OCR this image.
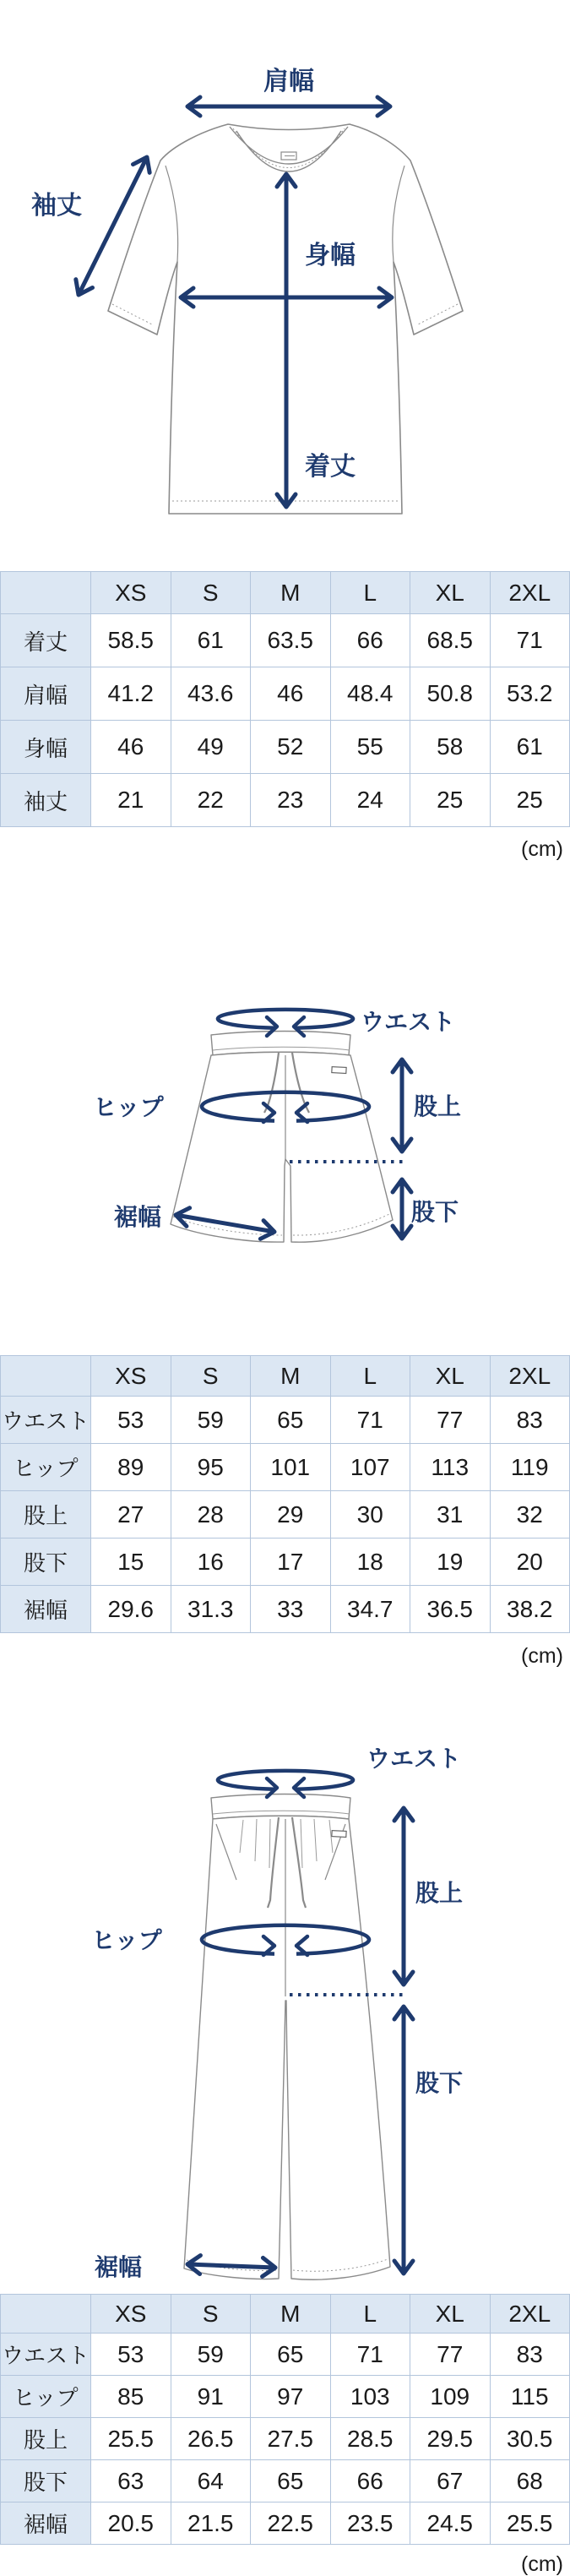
肩幅
袖丈
身幅
着丈
	XS	S	M	L	XL	2XL
着丈	58.5	61	63.5	66	68.5	71
肩幅	41.2	43.6	46	48.4	50.8	53.2
身幅	46	49	52	55	58	61
袖丈	21	22	23	24	25	25
(cm)
ウエスト
ヒップ	股上
股下
裾幅
	XS	S	M	L	XL	2XL
ウエスト	53	59	65	71	77	83
ヒップ	89	95	101	107	113	119
股上	27	28	29	30	31	32
股下	15	16	17	18	19	20
裾幅	29.6	31.3	33	34.7	36.5	38.2
(cm)
ウエスト
ヒップ
股上
股下
裾幅
	XS	S	M	L	XL	2XL
ウエスト	53	59	65	71	77	83
ヒップ	85	91	97	103	109	115
股上	25.5	26.5	27.5	28.5	29.5	30.5
股下	63	64	65	66	67	68
裾幅	20.5	21.5	22.5	23.5	24.5	25.5
(cm)
